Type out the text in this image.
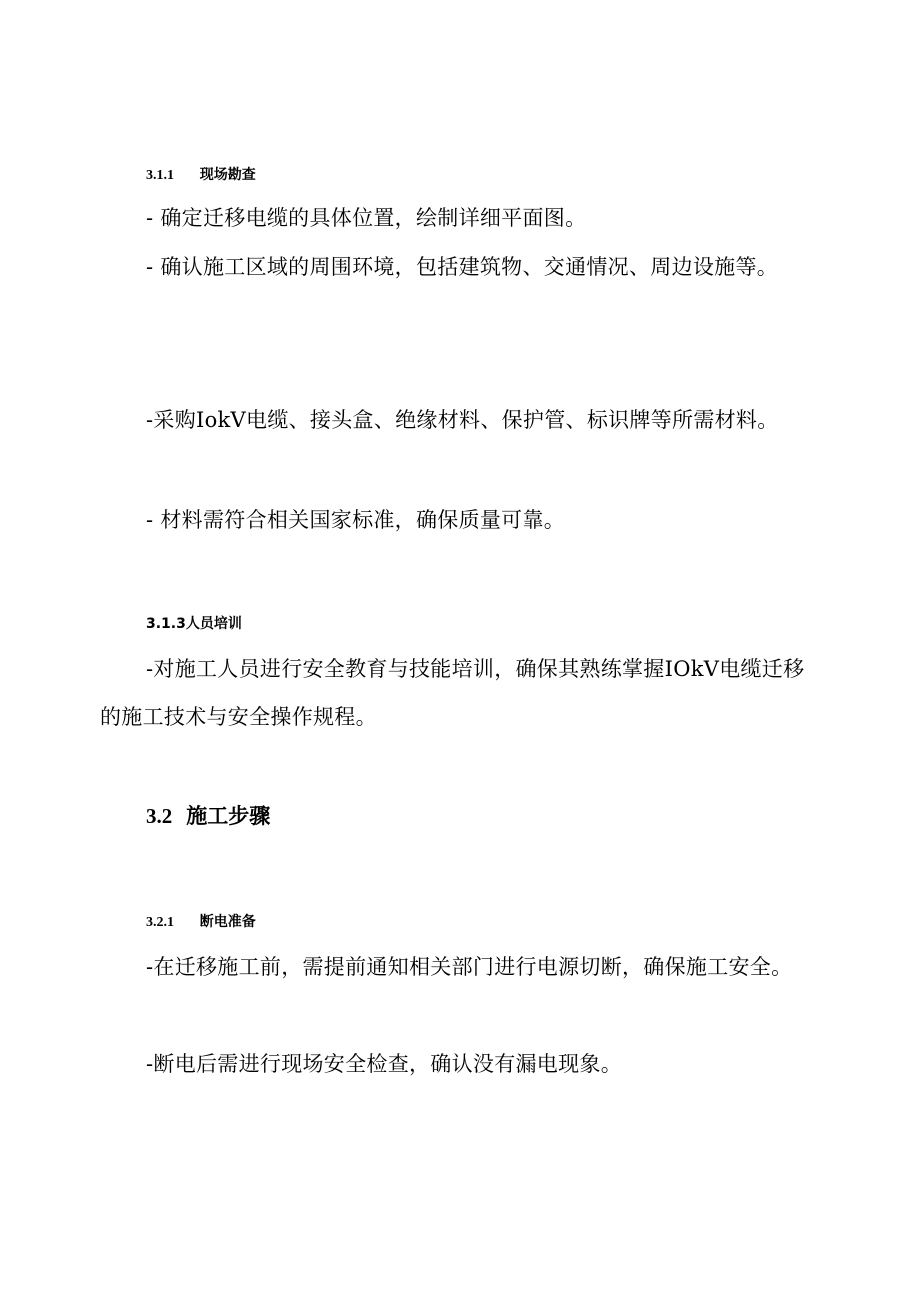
3.1.1 现场勘查
- 确定迁移电缆的具体位置，绘制详细平面图。
- 确认施工区域的周围环境，包括建筑物、交通情况、周边设施等。
-采购IokV电缆、接头盒、绝缘材料、保护管、标识牌等所需材料。
- 材料需符合相关国家标准，确保质量可靠。
3.1.3人员培训
-对施工人员进行安全教育与技能培训，确保其熟练掌握IOkV电缆迁移的施工技术与安全操作规程。
3.2 施工步骤
3.2.1 断电准备
-在迁移施工前，需提前通知相关部门进行电源切断，确保施工安全。
-断电后需进行现场安全检查，确认没有漏电现象。
